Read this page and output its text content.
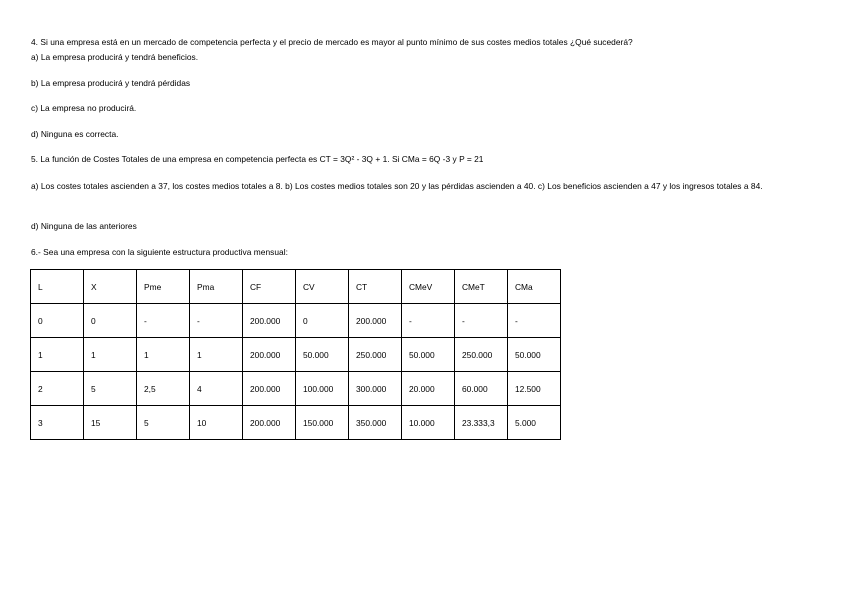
4. Si una empresa está en un mercado de competencia perfecta y el precio de mercado es mayor al punto mínimo de sus costes medios totales ¿Qué sucederá?
a) La empresa producirá y tendrá beneficios.
b) La empresa producirá y tendrá pérdidas
c) La empresa no producirá.
d) Ninguna es correcta.
5. La función de Costes Totales de una empresa en competencia perfecta es CT = 3Q² - 3Q + 1. Si CMa = 6Q -3 y P = 21
a) Los costes totales ascienden a 37, los costes medios totales a 8. b) Los costes medios totales son 20 y las pérdidas ascienden a 40. c) Los beneficios ascienden a 47 y los ingresos totales a 84.
d) Ninguna de las anteriores
6.- Sea una empresa con la siguiente estructura productiva mensual:
L	X	Pme	Pma	CF	CV	CT	CMeV	CMeT	CMa
0	0	-	-	200.000	0	200.000	-	-	-
1	1	1	1	200.000	50.000	250.000	50.000	250.000	50.000
2	5	2,5	4	200.000	100.000	300.000	20.000	60.000	12.500
3	15	5	10	200.000	150.000	350.000	10.000	23.333,3	5.000
